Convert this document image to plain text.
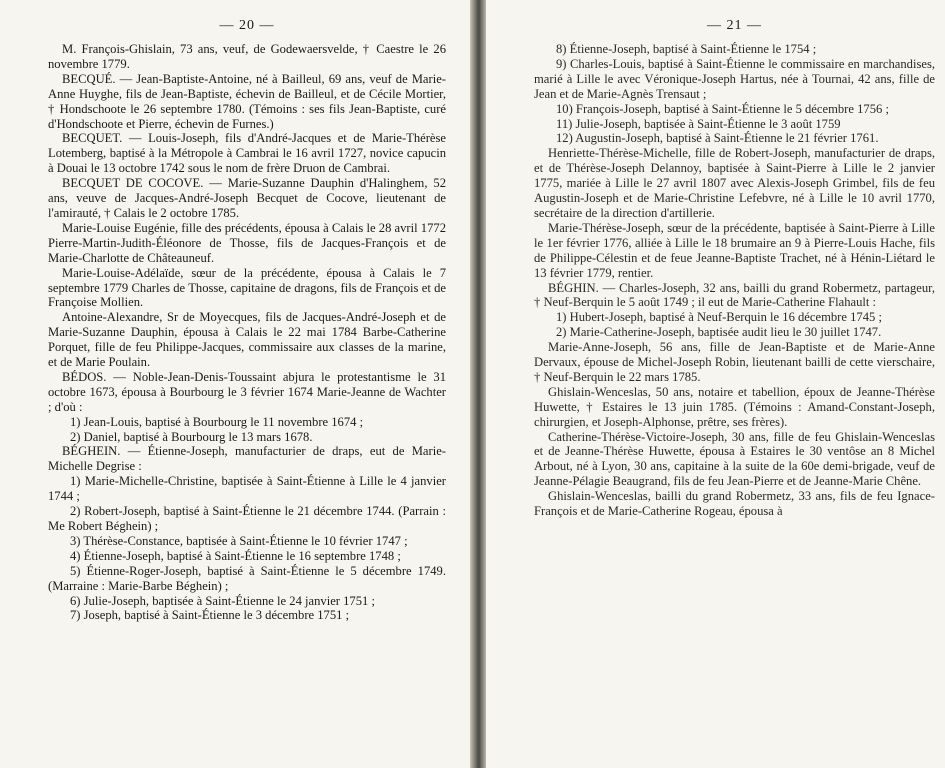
— 20 —

M. François-Ghislain, 73 ans, veuf, de Godewaersvelde, † Caestre le 26 novembre 1779.

BECQUÉ. — Jean-Baptiste-Antoine, né à Bailleul, 69 ans, veuf de Marie-Anne Huyghe, fils de Jean-Baptiste, échevin de Bailleul, et de Cécile Mortier, † Hondschoote le 26 septembre 1780. (Témoins : ses fils Jean-Baptiste, curé d'Hondschoote et Pierre, échevin de Furnes.)

BECQUET. — Louis-Joseph, fils d'André-Jacques et de Marie-Thérèse Lotemberg, baptisé à la Métropole à Cambrai le 16 avril 1727, novice capucin à Douai le 13 octobre 1742 sous le nom de frère Druon de Cambrai.

BECQUET DE COCOVE. — Marie-Suzanne Dauphin d'Halinghem, 52 ans, veuve de Jacques-André-Joseph Becquet de Cocove, lieutenant de l'amirauté, † Calais le 2 octobre 1785.

Marie-Louise Eugénie, fille des précédents, épousa à Calais le 28 avril 1772 Pierre-Martin-Judith-Éléonore de Thosse, fils de Jacques-François et de Marie-Charlotte de Châteauneuf.

Marie-Louise-Adélaïde, sœur de la précédente, épousa à Calais le 7 septembre 1779 Charles de Thosse, capitaine de dragons, fils de François et de Françoise Mollien.

Antoine-Alexandre, Sr de Moyecques, fils de Jacques-André-Joseph et de Marie-Suzanne Dauphin, épousa à Calais le 22 mai 1784 Barbe-Catherine Porquet, fille de feu Philippe-Jacques, commissaire aux classes de la marine, et de Marie Poulain.

BÉDOS. — Noble-Jean-Denis-Toussaint abjura le protestantisme le 31 octobre 1673, épousa à Bourbourg le 3 février 1674 Marie-Jeanne de Wachter ; d'où :

1) Jean-Louis, baptisé à Bourbourg le 11 novembre 1674 ;

2) Daniel, baptisé à Bourbourg le 13 mars 1678.

BÉGHEIN. — Étienne-Joseph, manufacturier de draps, eut de Marie-Michelle Degrise :

1) Marie-Michelle-Christine, baptisée à Saint-Étienne à Lille le 4 janvier 1744 ;

2) Robert-Joseph, baptisé à Saint-Étienne le 21 décembre 1744. (Parrain : Me Robert Béghein) ;

3) Thérèse-Constance, baptisée à Saint-Étienne le 10 février 1747 ;

4) Étienne-Joseph, baptisé à Saint-Étienne le 16 septembre 1748 ;

5) Étienne-Roger-Joseph, baptisé à Saint-Étienne le 5 décembre 1749. (Marraine : Marie-Barbe Béghein) ;

6) Julie-Joseph, baptisée à Saint-Étienne le 24 janvier 1751 ;

7) Joseph, baptisé à Saint-Étienne le 3 décembre 1751 ;

— 21 —

8) Étienne-Joseph, baptisé à Saint-Étienne le 1754 ;

9) Charles-Louis, baptisé à Saint-Étienne le commissaire en marchandises, marié à Lille le avec Véronique-Joseph Hartus, née à Tournai, 42 ans, fille de Jean et de Marie-Agnès Trensaut ;

10) François-Joseph, baptisé à Saint-Étienne le 5 décembre 1756 ;

11) Julie-Joseph, baptisée à Saint-Étienne le 3 août 1759

12) Augustin-Joseph, baptisé à Saint-Étienne le 21 février 1761.

Henriette-Thérèse-Michelle, fille de Robert-Joseph, manufacturier de draps, et de Thérèse-Joseph Delannoy, baptisée à Saint-Pierre à Lille le 2 janvier 1775, mariée à Lille le 27 avril 1807 avec Alexis-Joseph Grimbel, fils de feu Augustin-Joseph et de Marie-Christine Lefebvre, né à Lille le 10 avril 1770, secrétaire de la direction d'artillerie.

Marie-Thérèse-Joseph, sœur de la précédente, baptisée à Saint-Pierre à Lille le 1er février 1776, alliée à Lille le 18 brumaire an 9 à Pierre-Louis Hache, fils de Philippe-Célestin et de feue Jeanne-Baptiste Trachet, né à Hénin-Liétard le 13 février 1779, rentier.

BÉGHIN. — Charles-Joseph, 32 ans, bailli du grand Robermetz, partageur, † Neuf-Berquin le 5 août 1749 ; il eut de Marie-Catherine Flahault :

1) Hubert-Joseph, baptisé à Neuf-Berquin le 16 décembre 1745 ;

2) Marie-Catherine-Joseph, baptisée audit lieu le 30 juillet 1747.

Marie-Anne-Joseph, 56 ans, fille de Jean-Baptiste et de Marie-Anne Dervaux, épouse de Michel-Joseph Robin, lieutenant bailli de cette vierschaire, † Neuf-Berquin le 22 mars 1785.

Ghislain-Wenceslas, 50 ans, notaire et tabellion, époux de Jeanne-Thérèse Huwette, † Estaires le 13 juin 1785. (Témoins : Amand-Constant-Joseph, chirurgien, et Joseph-Alphonse, prêtre, ses frères).

Catherine-Thérèse-Victoire-Joseph, 30 ans, fille de feu Ghislain-Wenceslas et de Jeanne-Thérèse Huwette, épousa à Estaires le 30 ventôse an 8 Michel Arbout, né à Lyon, 30 ans, capitaine à la suite de la 60e demi-brigade, veuf de Jeanne-Pélagie Beaugrand, fils de feu Jean-Pierre et de Jeanne-Marie Chêne.

Ghislain-Wenceslas, bailli du grand Robermetz, 33 ans, fils de feu Ignace-François et de Marie-Catherine Rogeau, épousa à
